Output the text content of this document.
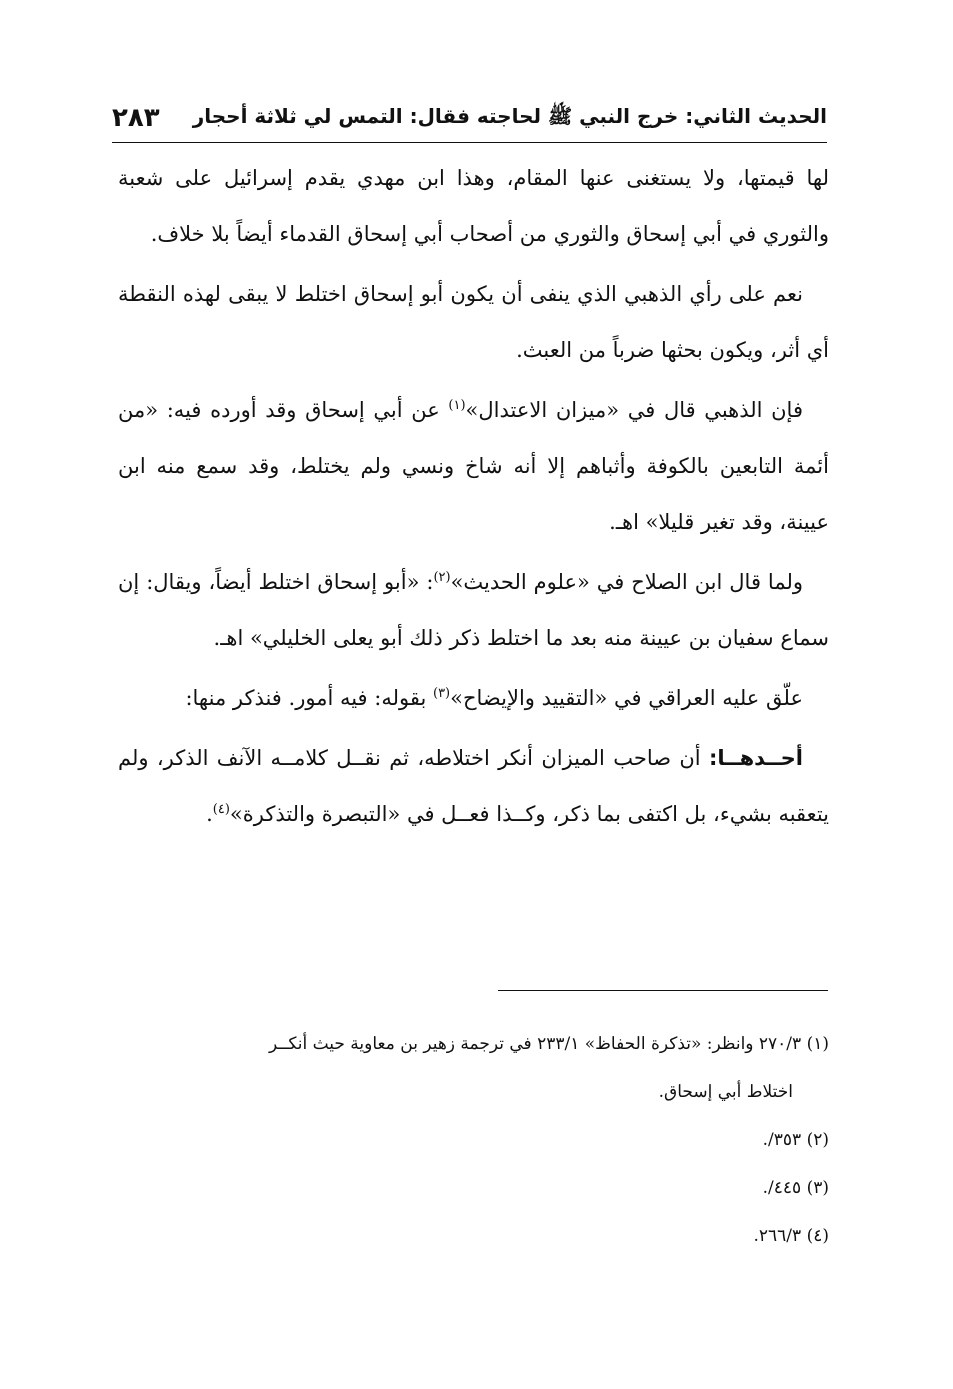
الحديث الثاني: خرج النبي ﷺ لحاجته فقال: التمس لي ثلاثة أحجار
٢٨٣

لها قيمتها، ولا يستغنى عنها المقام، وهذا ابن مهدي يقدم إسرائيل على شعبة والثوري في أبي إسحاق والثوري من أصحاب أبي إسحاق القدماء أيضاً بلا خلاف.

نعم على رأي الذهبي الذي ينفى أن يكون أبو إسحاق اختلط لا يبقى لهذه النقطة أي أثر، ويكون بحثها ضرباً من العبث.

فإن الذهبي قال في «ميزان الاعتدال»$^{(١)}$ عن أبي إسحاق وقد أورده فيه: «من أئمة التابعين بالكوفة وأثباهم إلا أنه شاخ ونسي ولم يختلط، وقد سمع منه ابن عيينة، وقد تغير قليلا» اهـ.

ولما قال ابن الصلاح في «علوم الحديث»$^{(٢)}$: «أبو إسحاق اختلط أيضاً، ويقال: إن سماع سفيان بن عيينة منه بعد ما اختلط ذكر ذلك أبو يعلى الخليلي» اهـ.

علّق عليه العراقي في «التقييد والإيضاح»$^{(٣)}$ بقوله: فيه أمور. فنذكر منها:

أحــدهــا: أن صاحب الميزان أنكر اختلاطه، ثم نقــل كلامــه الآنف الذكر، ولم يتعقبه بشيء، بل اكتفى بما ذكر، وكــذا فعــل في «التبصرة والتذكرة»$^{(٤)}$.

(١) ٢٧٠/٣ وانظر: «تذكرة الحفاظ» ٢٣٣/١ في ترجمة زهير بن معاوية حيث أنكــر

اختلاط أبي إسحاق.

(٢) ٣٥٣/.

(٣) ٤٤٥/.

(٤) ٢٦٦/٣.
